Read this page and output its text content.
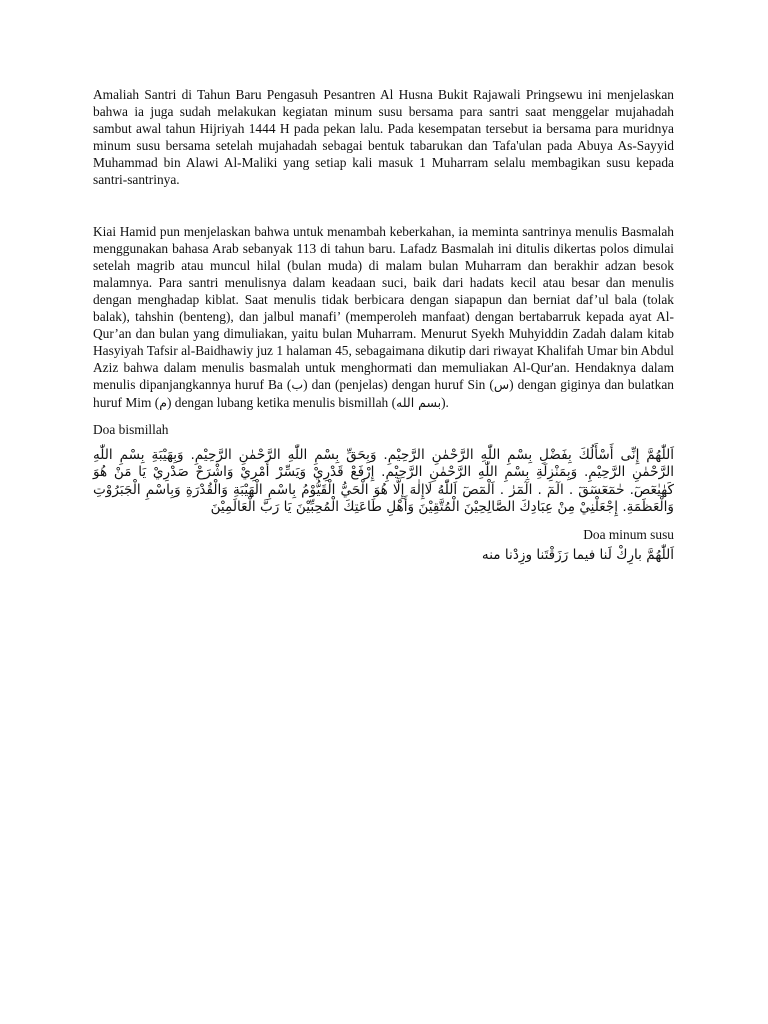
Amaliah Santri di Tahun Baru Pengasuh Pesantren Al Husna Bukit Rajawali Pringsewu ini menjelaskan bahwa ia juga sudah melakukan kegiatan minum susu bersama para santri saat menggelar mujahadah sambut awal tahun Hijriyah 1444 H pada pekan lalu. Pada kesempatan tersebut ia bersama para muridnya minum susu bersama setelah mujahadah sebagai bentuk tabarukan dan Tafa'ulan pada Abuya As-Sayyid Muhammad bin Alawi Al-Maliki yang setiap kali masuk 1 Muharram selalu membagikan susu kepada santri-santrinya.

Kiai Hamid pun menjelaskan bahwa untuk menambah keberkahan, ia meminta santrinya menulis Basmalah menggunakan bahasa Arab sebanyak 113 di tahun baru. Lafadz Basmalah ini ditulis dikertas polos dimulai setelah magrib atau muncul hilal (bulan muda) di malam bulan Muharram dan berakhir adzan besok malamnya. Para santri menulisnya dalam keadaan suci, baik dari hadats kecil atau besar dan menulis dengan menghadap kiblat. Saat menulis tidak berbicara dengan siapapun dan berniat daf’ul bala (tolak balak), tahshin (benteng), dan jalbul manafi’ (memperoleh manfaat) dengan bertabarruk kepada ayat Al-Qur’an dan bulan yang dimuliakan, yaitu bulan Muharram. Menurut Syekh Muhyiddin Zadah dalam kitab Hasyiyah Tafsir al-Baidhawiy juz 1 halaman 45, sebagaimana dikutip dari riwayat Khalifah Umar bin Abdul Aziz bahwa dalam menulis basmalah untuk menghormati dan memuliakan Al-Qur'an. Hendaknya dalam menulis dipanjangkannya huruf Ba (ب) dan (penjelas) dengan huruf Sin (س) dengan giginya dan bulatkan huruf Mim (م) dengan lubang ketika menulis bismillah (بسم الله).

Doa bismillah

اَللّٰهُمَّ إِنِّى أَسْأَلُكَ بِفَضْلِ بِسْمِ اللّٰهِ الرَّحْمٰنِ الرَّحِيْمِ. وَبِحَقِّ بِسْمِ اللّٰهِ الرَّحْمٰنِ الرَّحِيْمِ. وَبِهَيْبَةِ بِسْمِ اللّٰهِ الرَّحْمٰنِ الرَّحِيْمِ. وَبِمَنْزِلَةِ بِسْمِ اللّٰهِ الرَّحْمٰنِ الرَّحِيْمِ. إِرْفَعْ قَدْرِيْ وَيَسِّرْ أَمْرِيْ وَاشْرَحْ صَدْرِيْ يَا مَنْ هُوَ كَهٰيٰعٓصٓ. حٰمٓعٓسٓقٓ . الٓمٓ . الٓمٓرٰ . اَلْمٓصٓ اَللّٰهُ لَاإِلٰهَ إِلَّا هُوَ الْحَيُّ الْقَيُّوْمُ بِاسْمِ الْهَيْبَةِ وَالْقُدْرَةِ وَبِاسْمِ الْجَبَرُوْتِ وَالْعَظَمَةِ. إِجْعَلْنِيْ مِنْ عِبَادِكَ الصَّالِحِيْنَ الْمُتَّقِيْنَ وَأَهْلِ طَاعَتِكَ الْمُحِبِّيْنَ يَا رَبَّ الْعَالَمِيْنَ

Doa minum susu

اَللّٰهُمَّ بارِكْ لَنا فيما رَزَقْتَنا وزِدْنا منه
